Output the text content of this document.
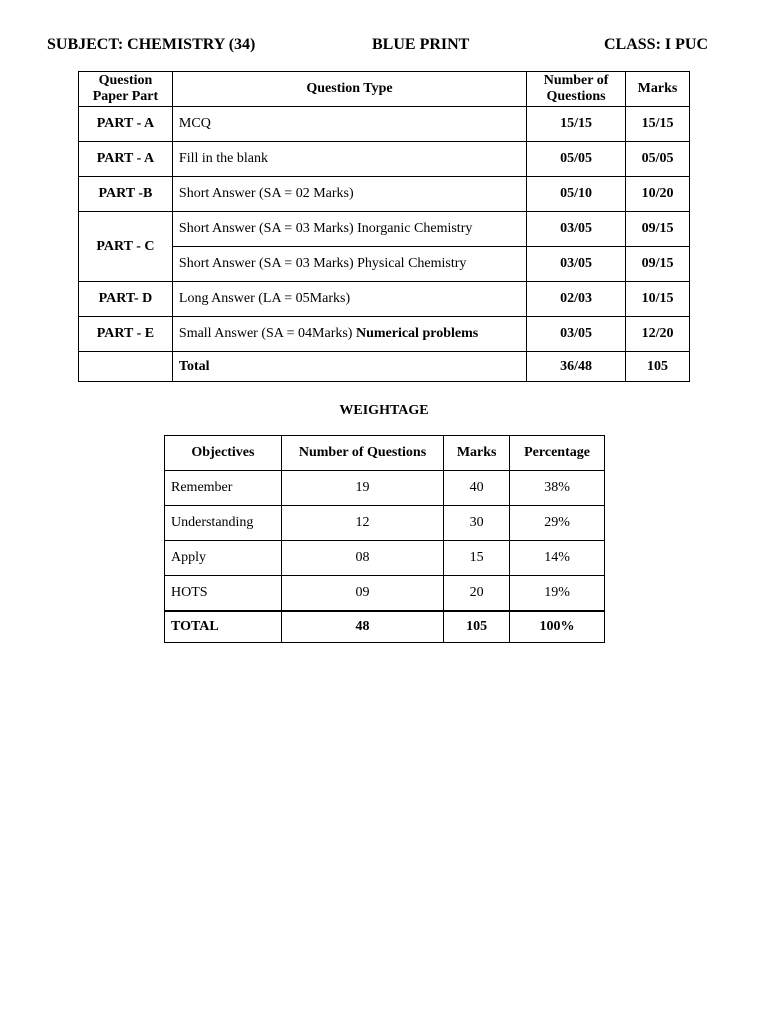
SUBJECT: CHEMISTRY (34)	BLUE PRINT	CLASS: I PUC
Question Paper Part	Question Type	Number of Questions	Marks
PART - A	MCQ	15/15	15/15
PART - A	Fill in the blank	05/05	05/05
PART -B	Short Answer (SA = 02 Marks)	05/10	10/20
PART - C	Short Answer (SA = 03 Marks) Inorganic Chemistry	03/05	09/15
	Short Answer (SA = 03 Marks) Physical Chemistry	03/05	09/15
PART- D	Long Answer (LA = 05Marks)	02/03	10/15
PART - E	Small Answer (SA = 04Marks) Numerical problems	03/05	12/20
	Total	36/48	105
WEIGHTAGE
Objectives	Number of Questions	Marks	Percentage
Remember	19	40	38%
Understanding	12	30	29%
Apply	08	15	14%
HOTS	09	20	19%
TOTAL	48	105	100%
